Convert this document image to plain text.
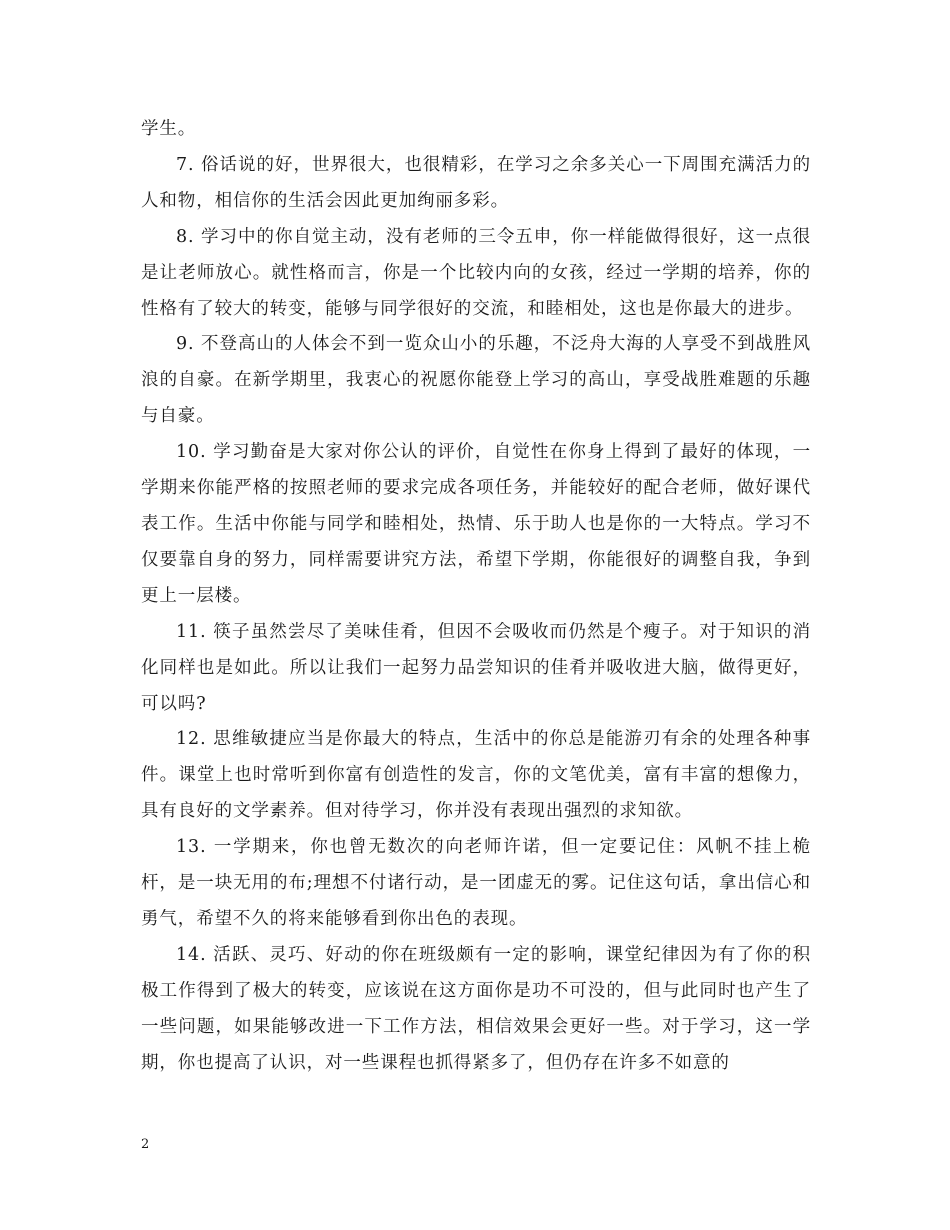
学生。

7. 俗话说的好，世界很大，也很精彩，在学习之余多关心一下周围充满活力的人和物，相信你的生活会因此更加绚丽多彩。

8. 学习中的你自觉主动，没有老师的三令五申，你一样能做得很好，这一点很是让老师放心。就性格而言，你是一个比较内向的女孩，经过一学期的培养，你的性格有了较大的转变，能够与同学很好的交流，和睦相处，这也是你最大的进步。

9. 不登高山的人体会不到一览众山小的乐趣，不泛舟大海的人享受不到战胜风浪的自豪。在新学期里，我衷心的祝愿你能登上学习的高山，享受战胜难题的乐趣与自豪。

10. 学习勤奋是大家对你公认的评价，自觉性在你身上得到了最好的体现，一学期来你能严格的按照老师的要求完成各项任务，并能较好的配合老师，做好课代表工作。生活中你能与同学和睦相处，热情、乐于助人也是你的一大特点。学习不仅要靠自身的努力，同样需要讲究方法，希望下学期，你能很好的调整自我，争到更上一层楼。

11. 筷子虽然尝尽了美味佳肴，但因不会吸收而仍然是个瘦子。对于知识的消化同样也是如此。所以让我们一起努力品尝知识的佳肴并吸收进大脑，做得更好，可以吗?

12. 思维敏捷应当是你最大的特点，生活中的你总是能游刃有余的处理各种事件。课堂上也时常听到你富有创造性的发言，你的文笔优美，富有丰富的想像力，具有良好的文学素养。但对待学习，你并没有表现出强烈的求知欲。

13. 一学期来，你也曾无数次的向老师许诺，但一定要记住：风帆不挂上桅杆，是一块无用的布;理想不付诸行动，是一团虚无的雾。记住这句话，拿出信心和勇气，希望不久的将来能够看到你出色的表现。

14. 活跃、灵巧、好动的你在班级颇有一定的影响，课堂纪律因为有了你的积极工作得到了极大的转变，应该说在这方面你是功不可没的，但与此同时也产生了一些问题，如果能够改进一下工作方法，相信效果会更好一些。对于学习，这一学期，你也提高了认识，对一些课程也抓得紧多了，但仍存在许多不如意的

2
